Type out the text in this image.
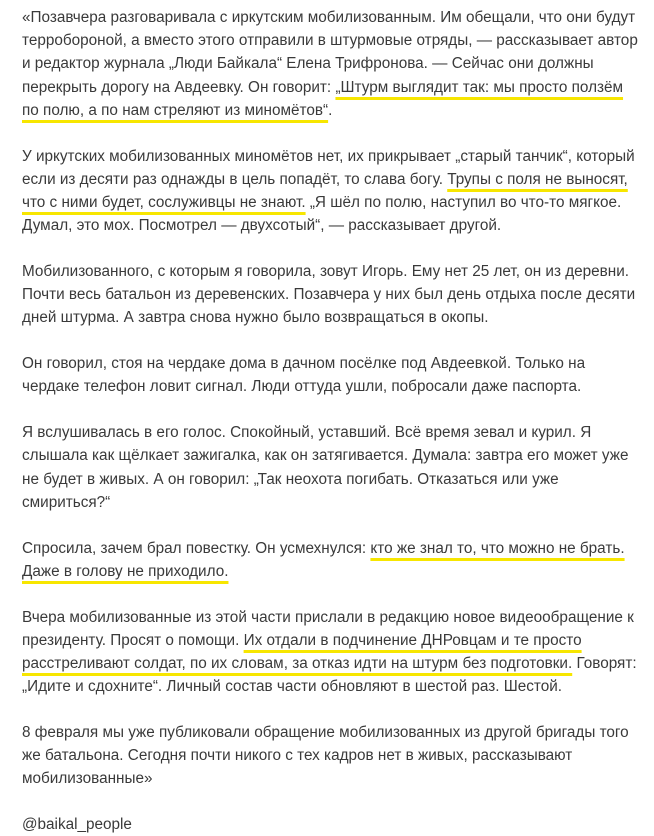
«Позавчера разговаривала с иркутским мобилизованным. Им обещали, что они будут терробороной, а вместо этого отправили в штурмовые отряды, — рассказывает автор и редактор журнала „Люди Байкала“ Елена Трифронова. — Сейчас они должны перекрыть дорогу на Авдеевку. Он говорит: „Штурм выглядит так: мы просто ползём по полю, а по нам стреляют из миномётов“.

У иркутских мобилизованных миномётов нет, их прикрывает „старый танчик“, который если из десяти раз однажды в цель попадёт, то слава богу. Трупы с поля не выносят, что с ними будет, сослуживцы не знают. „Я шёл по полю, наступил во что-то мягкое. Думал, это мох. Посмотрел — двухсотый“, — рассказывает другой.

Мобилизованного, с которым я говорила, зовут Игорь. Ему нет 25 лет, он из деревни. Почти весь батальон из деревенских. Позавчера у них был день отдыха после десяти дней штурма. А завтра снова нужно было возвращаться в окопы.

Он говорил, стоя на чердаке дома в дачном посёлке под Авдеевкой. Только на чердаке телефон ловит сигнал. Люди оттуда ушли, побросали даже паспорта.

Я вслушивалась в его голос. Спокойный, уставший. Всё время зевал и курил. Я слышала как щёлкает зажигалка, как он затягивается. Думала: завтра его может уже не будет в живых. А он говорил: „Так неохота погибать. Отказаться или уже смириться?“

Спросила, зачем брал повестку. Он усмехнулся: кто же знал то, что можно не брать. Даже в голову не приходило.

Вчера мобилизованные из этой части прислали в редакцию новое видеообращение к президенту. Просят о помощи. Их отдали в подчинение ДНРовцам и те просто расстреливают солдат, по их словам, за отказ идти на штурм без подготовки. Говорят: „Идите и сдохните“. Личный состав части обновляют в шестой раз. Шестой.

8 февраля мы уже публиковали обращение мобилизованных из другой бригады того же батальона. Сегодня почти никого с тех кадров нет в живых, рассказывают мобилизованные»

@baikal_people
